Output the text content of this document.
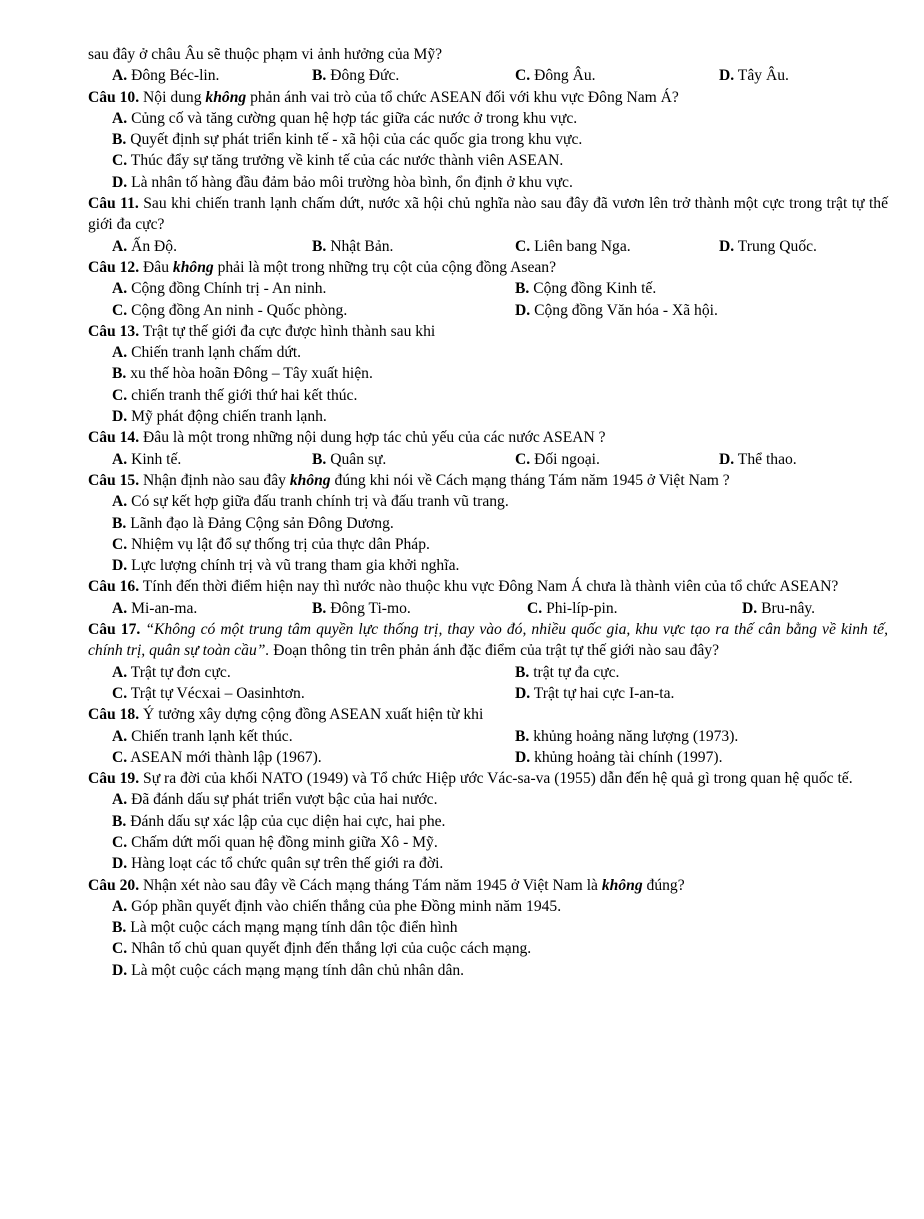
sau đây ở châu Âu sẽ thuộc phạm vi ảnh hưởng của Mỹ?
A. Đông Béc-lin.	B. Đông Đức.	C. Đông Âu.	D. Tây Âu.
Câu 10. Nội dung không phản ánh vai trò của tổ chức ASEAN đối với khu vực Đông Nam Á?
A. Củng cố và tăng cường quan hệ hợp tác giữa các nước ở trong khu vực.
B. Quyết định sự phát triển kinh tế - xã hội của các quốc gia trong khu vực.
C. Thúc đẩy sự tăng trưởng về kinh tế của các nước thành viên ASEAN.
D. Là nhân tố hàng đầu đảm bảo môi trường hòa bình, ổn định ở khu vực.
Câu 11. Sau khi chiến tranh lạnh chấm dứt, nước xã hội chủ nghĩa nào sau đây đã vươn lên trở thành một cực trong trật tự thế giới đa cực?
A. Ấn Độ.	B. Nhật Bản.	C. Liên bang Nga.	D. Trung Quốc.
Câu 12. Đâu không phải là một trong những trụ cột của cộng đồng Asean?
A. Cộng đồng Chính trị - An ninh.	B. Cộng đồng Kinh tế.
C. Cộng đồng An ninh - Quốc phòng.	D. Cộng đồng Văn hóa - Xã hội.
Câu 13. Trật tự thế giới đa cực được hình thành sau khi
A. Chiến tranh lạnh chấm dứt.
B. xu thế hòa hoãn Đông – Tây xuất hiện.
C. chiến tranh thế giới thứ hai kết thúc.
D. Mỹ phát động chiến tranh lạnh.
Câu 14. Đâu là một trong những nội dung hợp tác chủ yếu của các nước ASEAN ?
A. Kinh tế.	B. Quân sự.	C. Đối ngoại.	D. Thể thao.
Câu 15. Nhận định nào sau đây không đúng khi nói về Cách mạng tháng Tám năm 1945 ở Việt Nam ?
A. Có sự kết hợp giữa đấu tranh chính trị và đấu tranh vũ trang.
B. Lãnh đạo là Đảng Cộng sản Đông Dương.
C. Nhiệm vụ lật đổ sự thống trị của thực dân Pháp.
D. Lực lượng chính trị và vũ trang tham gia khởi nghĩa.
Câu 16. Tính đến thời điểm hiện nay thì nước nào thuộc khu vực Đông Nam Á chưa là thành viên của tổ chức ASEAN?
A. Mi-an-ma.	B. Đông Ti-mo.	C. Phi-líp-pin.	D. Bru-nây.
Câu 17. “Không có một trung tâm quyền lực thống trị, thay vào đó, nhiều quốc gia, khu vực tạo ra thế cân bằng về kinh tế, chính trị, quân sự toàn cầu”. Đoạn thông tin trên phản ánh đặc điểm của trật tự thế giới nào sau đây?
A. Trật tự đơn cực.	B. trật tự đa cực.
C. Trật tự Vécxai – Oasinhtơn.	D. Trật tự hai cực I-an-ta.
Câu 18. Ý tưởng xây dựng cộng đồng ASEAN xuất hiện từ khi
A. Chiến tranh lạnh kết thúc.	B. khủng hoảng năng lượng (1973).
C. ASEAN mới thành lập (1967).	D. khủng hoảng tài chính (1997).
Câu 19. Sự ra đời của khối NATO (1949) và Tổ chức Hiệp ước Vác-sa-va (1955) dẫn đến hệ quả gì trong quan hệ quốc tế.
A. Đã đánh dấu sự phát triển vượt bậc của hai nước.
B. Đánh dấu sự xác lập của cục diện hai cực, hai phe.
C. Chấm dứt mối quan hệ đồng minh giữa Xô - Mỹ.
D. Hàng loạt các tổ chức quân sự trên thế giới ra đời.
Câu 20. Nhận xét nào sau đây về Cách mạng tháng Tám năm 1945 ở Việt Nam là không đúng?
A. Góp phần quyết định vào chiến thắng của phe Đồng minh năm 1945.
B. Là một cuộc cách mạng mạng tính dân tộc điển hình
C. Nhân tố chủ quan quyết định đến thắng lợi của cuộc cách mạng.
D. Là một cuộc cách mạng mạng tính dân chủ nhân dân.
